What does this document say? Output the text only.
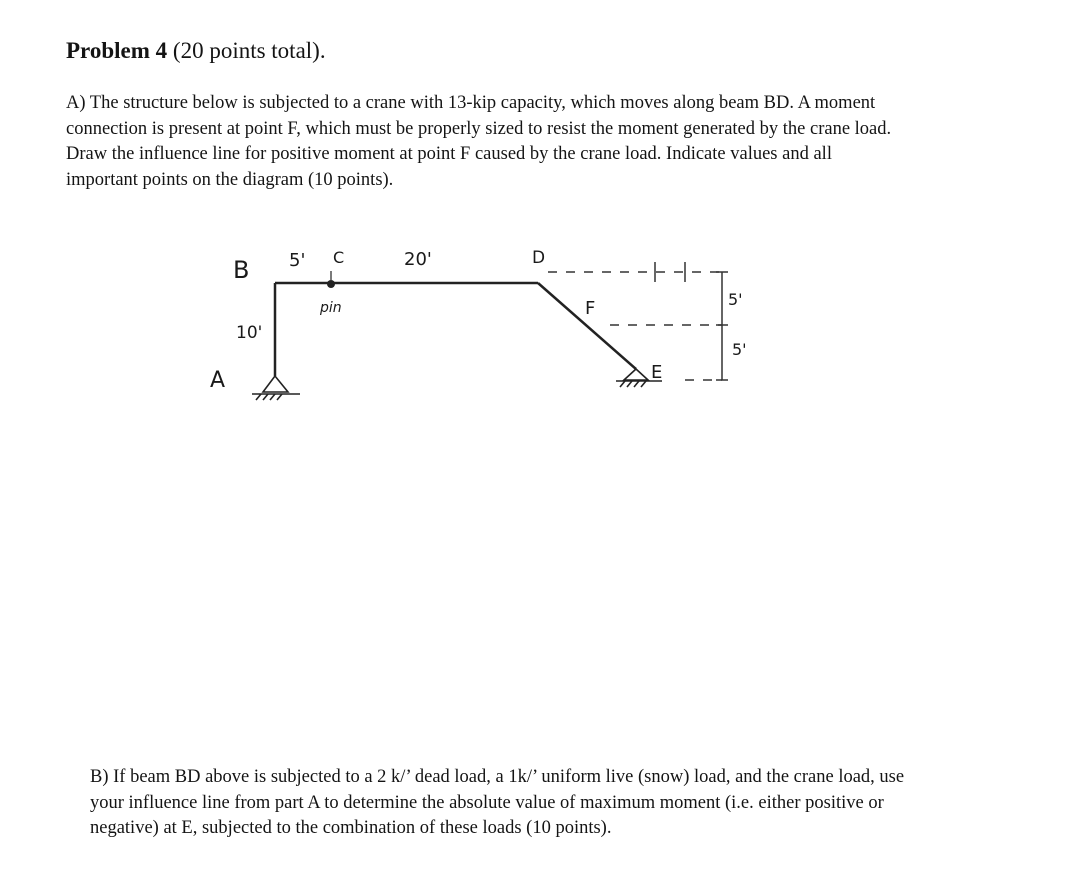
Problem 4 (20 points total).

A) The structure below is subjected to a crane with 13-kip capacity, which moves along beam BD. A moment
connection is present at point F, which must be properly sized to resist the moment generated by the crane load.
Draw the influence line for positive moment at point F caused by the crane load. Indicate values and all
important points on the diagram (10 points).

B 5' C	20'	D
pin
10'
A
F
E
5'
5'

B) If beam BD above is subjected to a 2 k/’ dead load, a 1k/’ uniform live (snow) load, and the crane load, use
your influence line from part A to determine the absolute value of maximum moment (i.e. either positive or
negative) at E, subjected to the combination of these loads (10 points).
